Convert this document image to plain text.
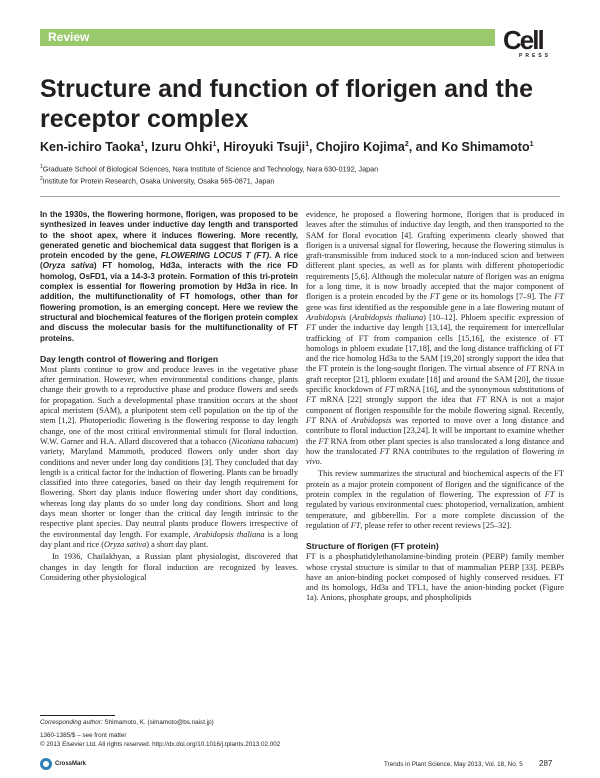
Review	Cell
PRESS
Structure and function of florigen and the receptor complex
Ken-ichiro Taoka$^1$, Izuru Ohki$^1$, Hiroyuki Tsuji$^1$, Chojiro Kojima$^2$, and Ko Shimamoto$^1$
$^1$Graduate School of Biological Sciences, Nara Institute of Science and Technology, Nara 630-0192, Japan
$^2$Institute for Protein Research, Osaka University, Osaka 565-0871, Japan

In the 1930s, the flowering hormone, florigen, was proposed to be synthesized in leaves under inductive day length and transported to the shoot apex, where it induces flowering. More recently, generated genetic and biochemical data suggest that florigen is a protein encoded by the gene, FLOWERING LOCUS T (FT). A rice (Oryza sativa) FT homolog, Hd3a, interacts with the rice FD homolog, OsFD1, via a 14-3-3 protein. Formation of this tri-protein complex is essential for flowering promotion by Hd3a in rice. In addition, the multifunctionality of FT homologs, other than for flowering promotion, is an emerging concept. Here we review the structural and biochemical features of the florigen protein complex and discuss the molecular basis for the multifunctionality of FT proteins.

Day length control of flowering and florigen

Most plants continue to grow and produce leaves in the vegetative phase after germination. However, when environmental conditions change, plants change their growth to a reproductive phase and produce flowers and seeds for propagation. Such a developmental phase transition occurs at the shoot apical meristem (SAM), a pluripotent stem cell population on the tip of the stem [1,2]. Photoperiodic flowering is the flowering response to day length change, one of the most critical environmental stimuli for floral induction. W.W. Garner and H.A. Allard discovered that a tobacco (Nicotiana tabacum) variety, Maryland Mammoth, produced flowers only under short day conditions and never under long day conditions [3]. They concluded that day length is a critical factor for the induction of flowering. Plants can be broadly classified into three categories, based on their day length requirement for flowering. Short day plants induce flowering under short day conditions, whereas long day plants do so under long day conditions. Short and long days mean shorter or longer than the critical day length intrinsic to the respective plant species. Day neutral plants produce flowers irrespective of the environmental day length. For example, Arabidopsis thaliana is a long day plant and rice (Oryza sativa) a short day plant.

In 1936, Chailakhyan, a Russian plant physiologist, discovered that changes in day length for floral induction are recognized by leaves. Considering other physiological

evidence, he proposed a flowering hormone, florigen that is produced in leaves after the stimulus of inductive day length, and then transported to the SAM for floral evocation [4]. Grafting experiments clearly showed that florigen is a universal signal for flowering, because the flowering stimulus is graft-transmissible from induced stock to a non-induced scion and between different plant species, as well as for plants with different photoperiodic requirements [5,6]. Although the molecular nature of florigen was an enigma for a long time, it is now broadly accepted that the major component of florigen is a protein encoded by the FT gene or its homologs [7–9]. The FT gene was first identified as the responsible gene in a late flowering mutant of Arabidopsis (Arabidopsis thaliana) [10–12]. Phloem specific expression of FT under the inductive day length [13,14], the requirement for intercellular trafficking of FT from companion cells [15,16], the existence of FT homologs in phloem exudate [17,18], and the long distance trafficking of FT and the rice homolog Hd3a to the SAM [19,20] strongly support the idea that the FT protein is the long-sought florigen. The virtual absence of FT RNA in graft receptor [21], phloem exudate [18] and around the SAM [20], the tissue specific knockdown of FT mRNA [16], and the synonymous substitutions of FT mRNA [22] strongly support the idea that FT RNA is not a major component of florigen responsible for the mobile flowering signal. Recently, FT RNA of Arabidopsis was reported to move over a long distance and contribute to floral induction [23,24]. It will be important to examine whether the FT RNA from other plant species is also translocated a long distance and how the translocated FT RNA contributes to the regulation of flowering in vivo.

This review summarizes the structural and biochemical aspects of the FT protein as a major protein component of florigen and the significance of the protein complex in the regulation of flowering. The expression of FT is regulated by various environmental cues: photoperiod, vernalization, ambient temperature, and gibberellin. For a more complete discussion of the regulation of FT, please refer to other recent reviews [25–32].

Structure of florigen (FT protein)

FT is a phosphatidylethanolamine-binding protein (PEBP) family member whose crystal structure is similar to that of mammalian PEBP [33]. PEBPs have an anion-binding pocket composed of highly conserved residues. FT and its homologs, Hd3a and TFL1, have the anion-binding pocket (Figure 1a). Anions, phosphate groups, and phospholipids

Corresponding author: Shimamoto, K. (simamoto@bs.naist.jp)
1360-1385/$ – see front matter
© 2013 Elsevier Ltd. All rights reserved. http://dx.doi.org/10.1016/j.tplants.2013.02.002
CrossMark	Trends in Plant Science, May 2013, Vol. 18, No. 5 287
